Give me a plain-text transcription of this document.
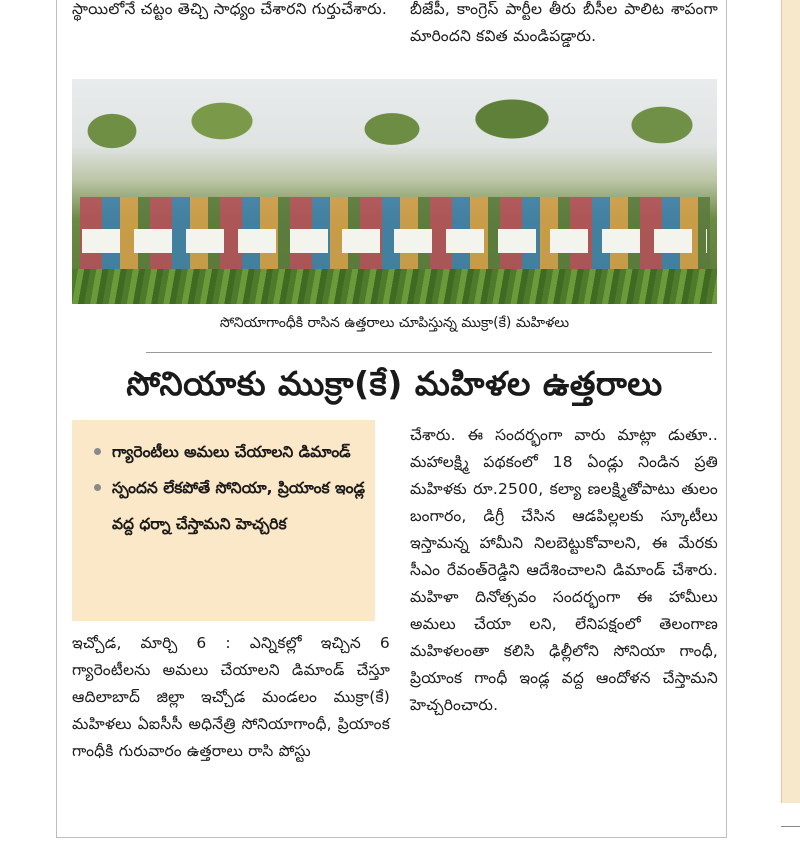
స్థాయిలోనే చట్టం తెచ్చి సాధ్యం చేశారని గుర్తుచేశారు. బీజేపీ, కాంగ్రెస్ పార్టీల తీరు బీసీల పాలిట శాపంగా మారిందని కవిత మండిపడ్డారు.

సోనియాగాంధీకి రాసిన ఉత్తరాలు చూపిస్తున్న ముక్రా(కే) మహిళలు
సోనియాకు ముక్రా(కే) మహిళల ఉత్తరాలు
గ్యారెంటీలు అమలు చేయాలని డిమాండ్
స్పందన లేకపోతే సోనియా, ప్రియాంక ఇండ్ల వద్ద ధర్నా చేస్తామని హెచ్చరిక

ఇచ్చోడ, మార్చి 6 : ఎన్నికల్లో ఇచ్చిన 6 గ్యారెంటీలను అమలు చేయాలని డిమాండ్ చేస్తూ ఆదిలాబాద్ జిల్లా ఇచ్చోడ మండలం ముక్రా(కే) మహిళలు ఏఐసీసీ అధినేత్రి సోనియాగాంధీ, ప్రియాంక గాంధీకి గురువారం ఉత్తరాలు రాసి పోస్టు

చేశారు. ఈ సందర్భంగా వారు మాట్లా డుతూ.. మహాలక్ష్మి పథకంలో 18 ఏండ్లు నిండిన ప్రతి మహిళకు రూ.2500, కల్యా ణలక్ష్మితోపాటు తులం బంగారం, డిగ్రీ చేసిన ఆడపిల్లలకు స్కూటీలు ఇస్తామన్న హామీని నిలబెట్టుకోవాలని, ఈ మేరకు సీఎం రేవంత్‌రెడ్డిని ఆదేశించాలని డిమాండ్ చేశారు. మహిళా దినోత్సవం సందర్భంగా ఈ హామీలు అమలు చేయా లని, లేనిపక్షంలో తెలంగాణ మహిళలంతా కలిసి ఢిల్లీలోని సోనియా గాంధీ, ప్రియాంక గాంధీ ఇండ్ల వద్ద ఆందోళన చేస్తామని హెచ్చరించారు.
